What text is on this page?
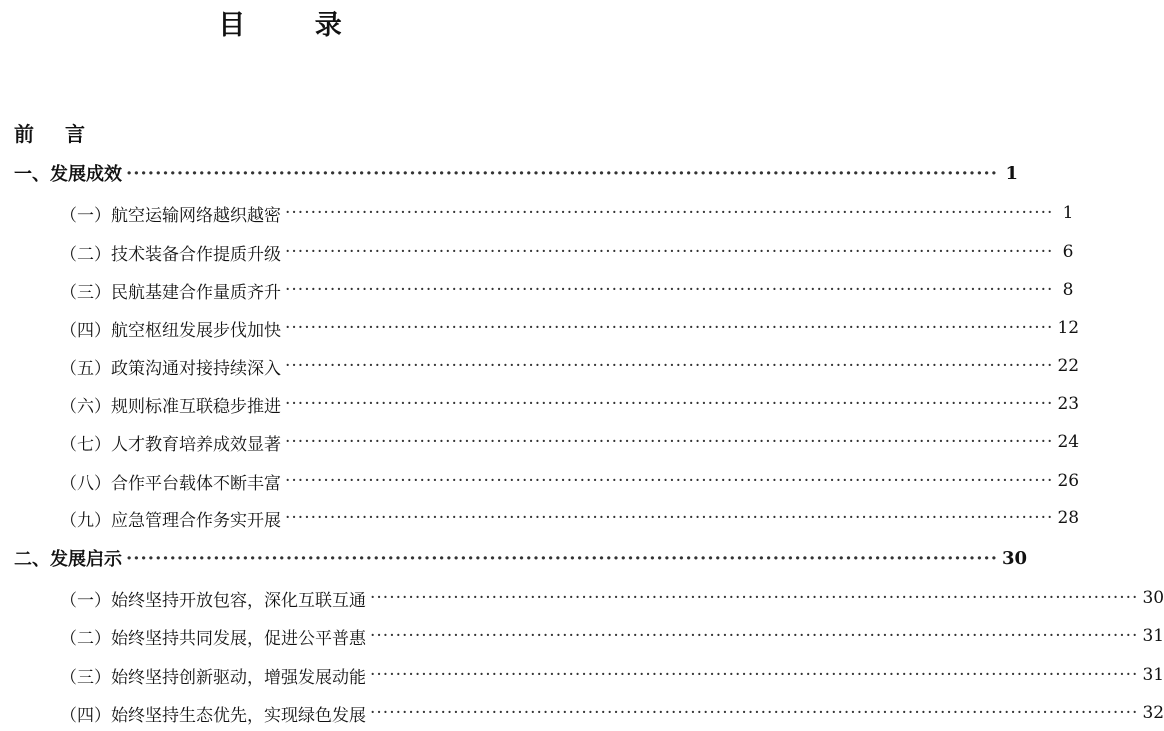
目 录
前 言
一、发展成效 ························································································································ 1
（一）航空运输网络越织越密 ························································································································ 1
（二）技术装备合作提质升级 ························································································································ 6
（三）民航基建合作量质齐升 ························································································································ 8
（四）航空枢纽发展步伐加快 ························································································································ 12
（五）政策沟通对接持续深入 ························································································································ 22
（六）规则标准互联稳步推进 ························································································································ 23
（七）人才教育培养成效显著 ························································································································ 24
（八）合作平台载体不断丰富 ························································································································ 26
（九）应急管理合作务实开展 ························································································································ 28
二、发展启示 ························································································································ 30
（一）始终坚持开放包容，深化互联互通 ························································································································ 30
（二）始终坚持共同发展，促进公平普惠 ························································································································ 31
（三）始终坚持创新驱动，增强发展动能 ························································································································ 31
（四）始终坚持生态优先，实现绿色发展 ························································································································ 32
